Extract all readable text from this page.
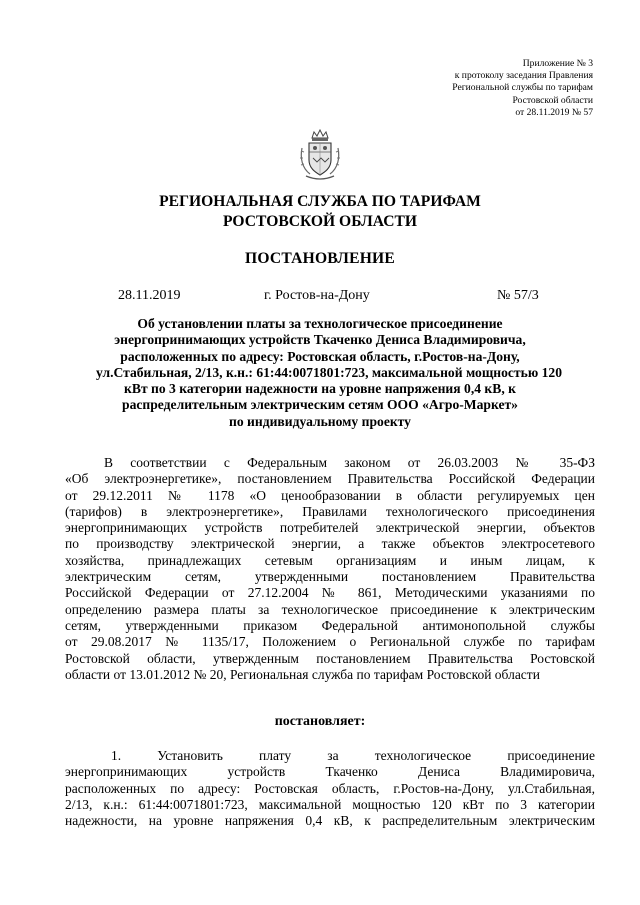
Приложение № 3
к протоколу заседания Правления
Региональной службы по тарифам
Ростовской области
от 28.11.2019 № 57
РЕГИОНАЛЬНАЯ СЛУЖБА ПО ТАРИФАМ
РОСТОВСКОЙ ОБЛАСТИ
ПОСТАНОВЛЕНИЕ
28.11.2019	г. Ростов-на-Дону	№ 57/3
Об установлении платы за технологическое присоединение
энергопринимающих устройств Ткаченко Дениса Владимировича,
расположенных по адресу: Ростовская область, г.Ростов-на-Дону,
ул.Стабильная, 2/13, к.н.: 61:44:0071801:723, максимальной мощностью 120
кВт по 3 категории надежности на уровне напряжения 0,4 кВ, к
распределительным электрическим сетям ООО «Агро-Маркет»
по индивидуальному проекту
В соответствии с Федеральным законом от 26.03.2003 № 35-ФЗ
«Об электроэнергетике», постановлением Правительства Российской Федерации
от 29.12.2011 № 1178 «О ценообразовании в области регулируемых цен
(тарифов) в электроэнергетике», Правилами технологического присоединения
энергопринимающих устройств потребителей электрической энергии, объектов
по производству электрической энергии, а также объектов электросетевого
хозяйства, принадлежащих сетевым организациям и иным лицам, к
электрическим сетям, утвержденными постановлением Правительства
Российской Федерации от 27.12.2004 № 861, Методическими указаниями по
определению размера платы за технологическое присоединение к электрическим
сетям, утвержденными приказом Федеральной антимонопольной службы
от 29.08.2017 № 1135/17, Положением о Региональной службе по тарифам
Ростовской области, утвержденным постановлением Правительства Ростовской
области от 13.01.2012 № 20, Региональная служба по тарифам Ростовской области
постановляет:
1. Установить плату за технологическое присоединение
энергопринимающих устройств Ткаченко Дениса Владимировича,
расположенных по адресу: Ростовская область, г.Ростов-на-Дону, ул.Стабильная,
2/13, к.н.: 61:44:0071801:723, максимальной мощностью 120 кВт по 3 категории
надежности, на уровне напряжения 0,4 кВ, к распределительным электрическим
